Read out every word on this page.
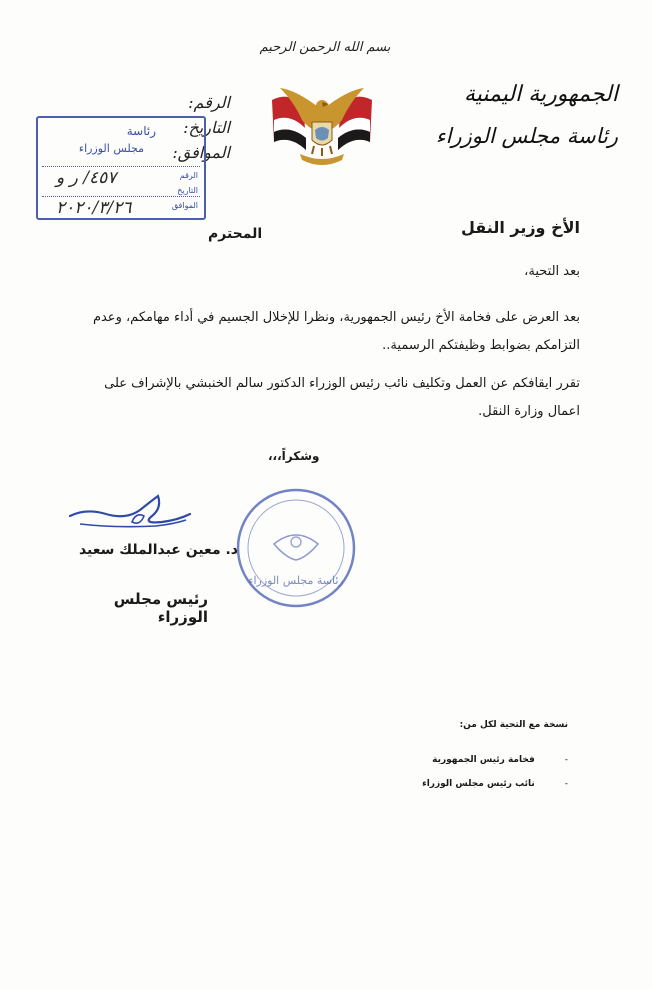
بسم الله الرحمن الرحيم
الجمهورية اليمنية
رئاسة مجلس الوزراء
الرقم:
التاريخ:
الموافق:
رئاسة
مجلس الوزراء
الرقم
٤٥٧/ ر و
التاريخ
الموافق
٢٠٢٠/٣/٢٦
الأخ وزير النقل
المحترم
بعد التحية،
بعد العرض على فخامة الأخ رئيس الجمهورية، ونظرا للإخلال الجسيم في أداء مهامكم، وعدم التزامكم بضوابط وظيفتكم الرسمية..
تقرر ايقافكم عن العمل وتكليف نائب رئيس الوزراء الدكتور سالم الخنبشي بالإشراف على اعمال وزارة النقل.
وشكراً،،،
د. معين عبدالملك سعيد
رئيس مجلس الوزراء
رئاسة مجلس الوزراء
نسخة مع التحية لكل من:
-فخامة رئيس الجمهورية
-نائب رئيس مجلس الوزراء
